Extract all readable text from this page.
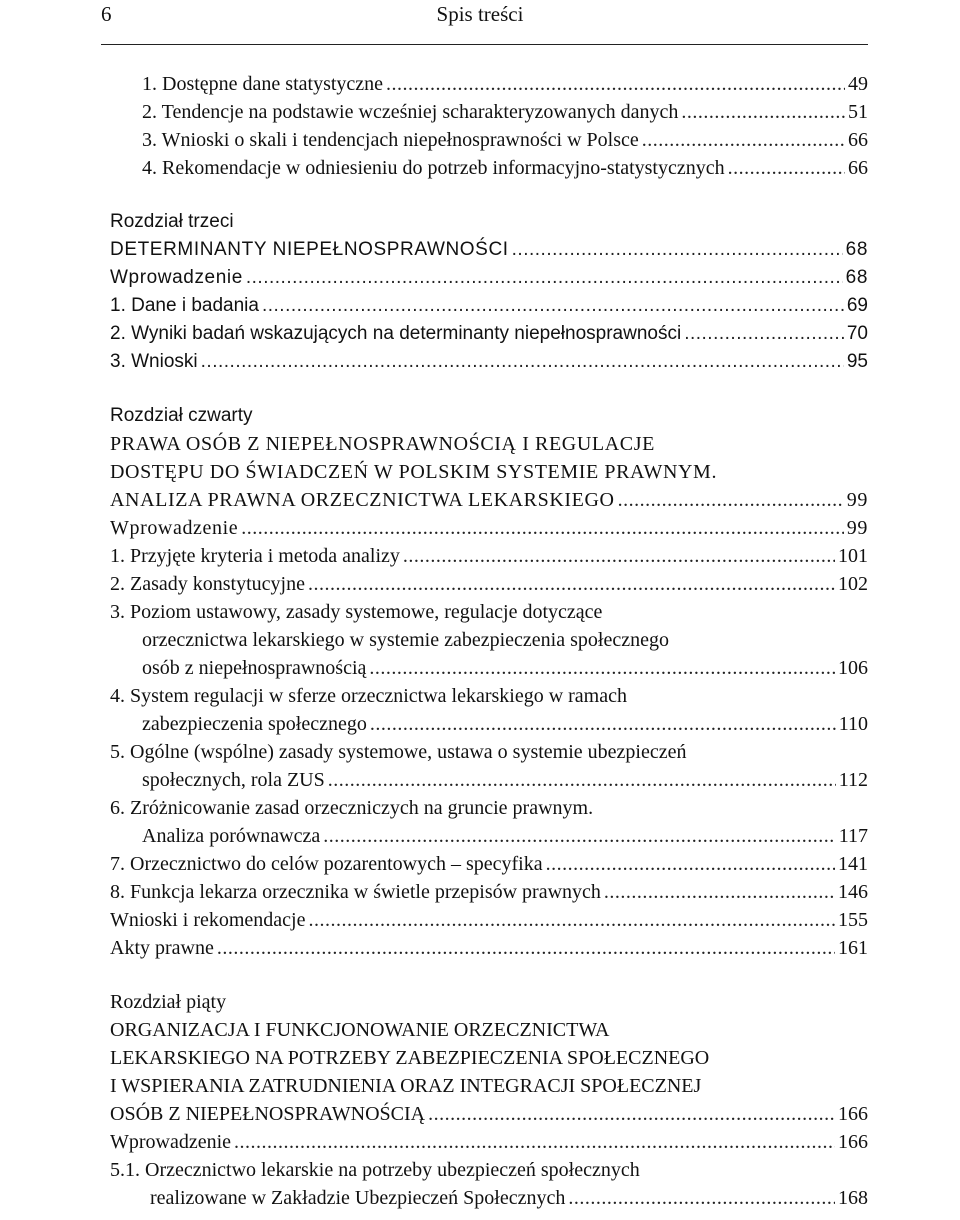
6	Spis treści
1. Dostępne dane statystyczne .....	49
2. Tendencje na podstawie wcześniej scharakteryzowanych danych .....	51
3. Wnioski o skali i tendencjach niepełnosprawności w Polsce .....	66
4. Rekomendacje w odniesieniu do potrzeb informacyjno-statystycznych .....	66
Rozdział trzeci
DETERMINANTY NIEPEŁNOSPRAWNOŚCI .....	68
Wprowadzenie .....	68
1. Dane i badania .....	69
2. Wyniki badań wskazujących na determinanty niepełnosprawności .....	70
3. Wnioski .....	95
Rozdział czwarty
PRAWA OSÓB Z NIEPEŁNOSPRAWNOŚCIĄ I REGULACJE
DOSTĘPU DO ŚWIADCZEŃ W POLSKIM SYSTEMIE PRAWNYM.
ANALIZA PRAWNA ORZECZNICTWA LEKARSKIEGO .....	99
Wprowadzenie .....	99
1. Przyjęte kryteria i metoda analizy .....	101
2. Zasady konstytucyjne .....	102
3. Poziom ustawowy, zasady systemowe, regulacje dotyczące
orzecznictwa lekarskiego w systemie zabezpieczenia społecznego
osób z niepełnosprawnością .....	106
4. System regulacji w sferze orzecznictwa lekarskiego w ramach
zabezpieczenia społecznego .....	110
5. Ogólne (wspólne) zasady systemowe, ustawa o systemie ubezpieczeń
społecznych, rola ZUS .....	112
6. Zróżnicowanie zasad orzeczniczych na gruncie prawnym.
Analiza porównawcza .....	117
7. Orzecznictwo do celów pozarentowych – specyfika .....	141
8. Funkcja lekarza orzecznika w świetle przepisów prawnych .....	146
Wnioski i rekomendacje .....	155
Akty prawne .....	161
Rozdział piąty
ORGANIZACJA I FUNKCJONOWANIE ORZECZNICTWA
LEKARSKIEGO NA POTRZEBY ZABEZPIECZENIA SPOŁECZNEGO
I WSPIERANIA ZATRUDNIENIA ORAZ INTEGRACJI SPOŁECZNEJ
OSÓB Z NIEPEŁNOSPRAWNOŚCIĄ .....	166
Wprowadzenie .....	166
5.1. Orzecznictwo lekarskie na potrzeby ubezpieczeń społecznych
realizowane w Zakładzie Ubezpieczeń Społecznych .....	168
